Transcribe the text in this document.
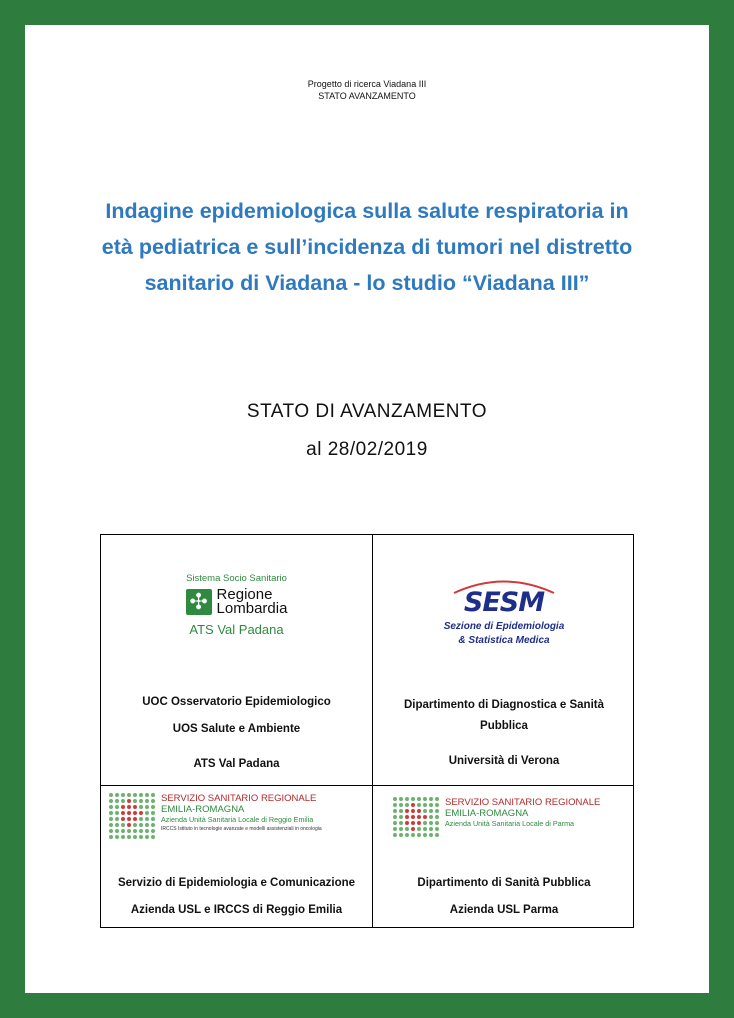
Progetto di ricerca Viadana III
STATO AVANZAMENTO
Indagine epidemiologica sulla salute respiratoria in
età pediatrica e sull’incidenza di tumori nel distretto
sanitario di Viadana - lo studio “Viadana III”
STATO DI AVANZAMENTO
al 28/02/2019
Sistema Socio Sanitario
✣ Regione
Lombardia
ATS Val Padana
UOC Osservatorio Epidemiologico
UOS Salute e Ambiente
ATS Val Padana
SESM
Sezione di Epidemiologia
& Statistica Medica
Dipartimento di Diagnostica e Sanità
Pubblica
Università di Verona
SERVIZIO SANITARIO REGIONALE
EMILIA-ROMAGNA
Azienda Unità Sanitaria Locale di Reggio Emilia
IRCCS Istituto in tecnologie avanzate e modelli assistenziali in oncologia
Servizio di Epidemiologia e Comunicazione
Azienda USL e IRCCS di Reggio Emilia
SERVIZIO SANITARIO REGIONALE
EMILIA-ROMAGNA
Azienda Unità Sanitaria Locale di Parma
Dipartimento di Sanità Pubblica
Azienda USL Parma
